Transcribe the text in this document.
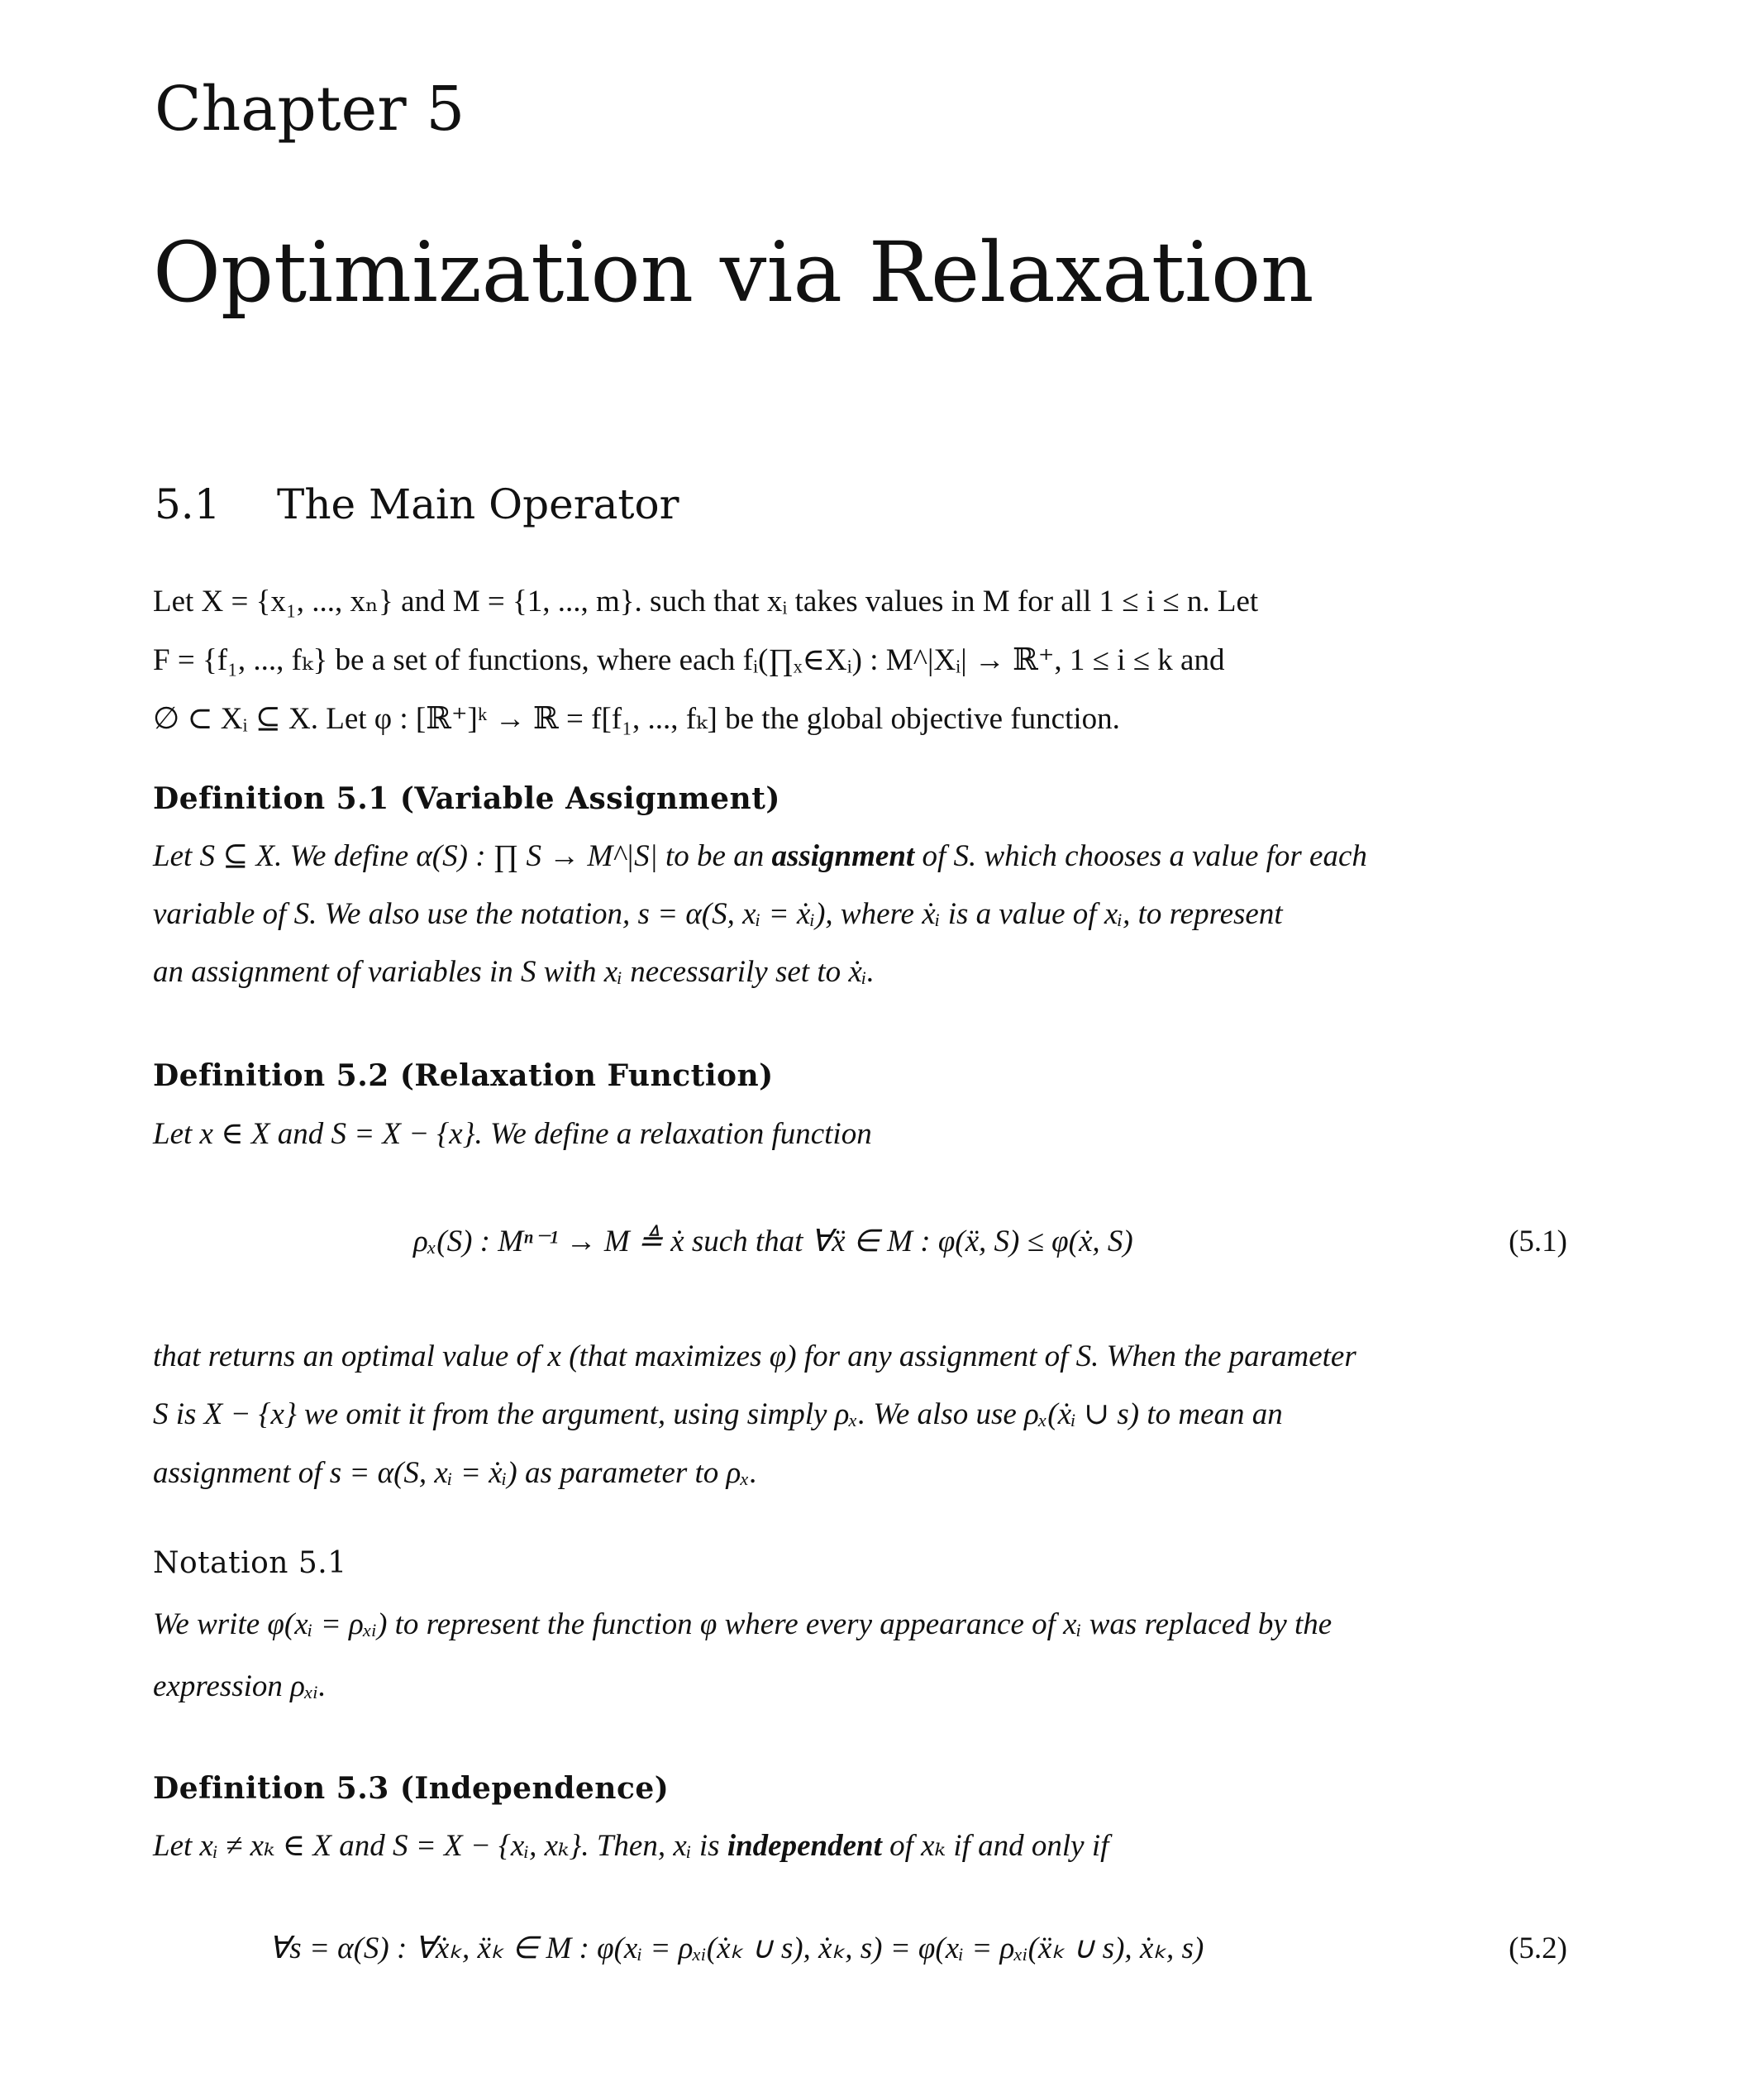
Chapter 5
Optimization via Relaxation
5.1 The Main Operator
Let X = {x₁, ..., xₙ} and M = {1, ..., m}. such that xᵢ takes values in M for all 1 ≤ i ≤ n. Let
F = {f₁, ..., fₖ} be a set of functions, where each fᵢ(∏ₓ∈Xᵢ) : M^|Xᵢ| → ℝ⁺, 1 ≤ i ≤ k and
∅ ⊂ Xᵢ ⊆ X. Let φ : [ℝ⁺]ᵏ → ℝ = f[f₁, ..., fₖ] be the global objective function.
Definition 5.1 (Variable Assignment)
Let S ⊆ X. We define α(S) : ∏ S → M^|S| to be an assignment of S. which chooses a value for each
variable of S. We also use the notation, s = α(S, xᵢ = ẋᵢ), where ẋᵢ is a value of xᵢ, to represent
an assignment of variables in S with xᵢ necessarily set to ẋᵢ.
Definition 5.2 (Relaxation Function)
Let x ∈ X and S = X − {x}. We define a relaxation function
ρₓ(S) : Mⁿ⁻¹ → M ≜ ẋ such that ∀ẍ ∈ M : φ(ẍ, S) ≤ φ(ẋ, S)	(5.1)
that returns an optimal value of x (that maximizes φ) for any assignment of S. When the parameter
S is X − {x} we omit it from the argument, using simply ρₓ. We also use ρₓ(ẋᵢ ∪ s) to mean an
assignment of s = α(S, xᵢ = ẋᵢ) as parameter to ρₓ.
Notation 5.1
We write φ(xᵢ = ρₓᵢ) to represent the function φ where every appearance of xᵢ was replaced by the
expression ρₓᵢ.
Definition 5.3 (Independence)
Let xᵢ ≠ xₖ ∈ X and S = X − {xᵢ, xₖ}. Then, xᵢ is independent of xₖ if and only if
∀s = α(S) : ∀ẋₖ, ẍₖ ∈ M : φ(xᵢ = ρₓᵢ(ẋₖ ∪ s), ẋₖ, s) = φ(xᵢ = ρₓᵢ(ẍₖ ∪ s), ẋₖ, s)	(5.2)
